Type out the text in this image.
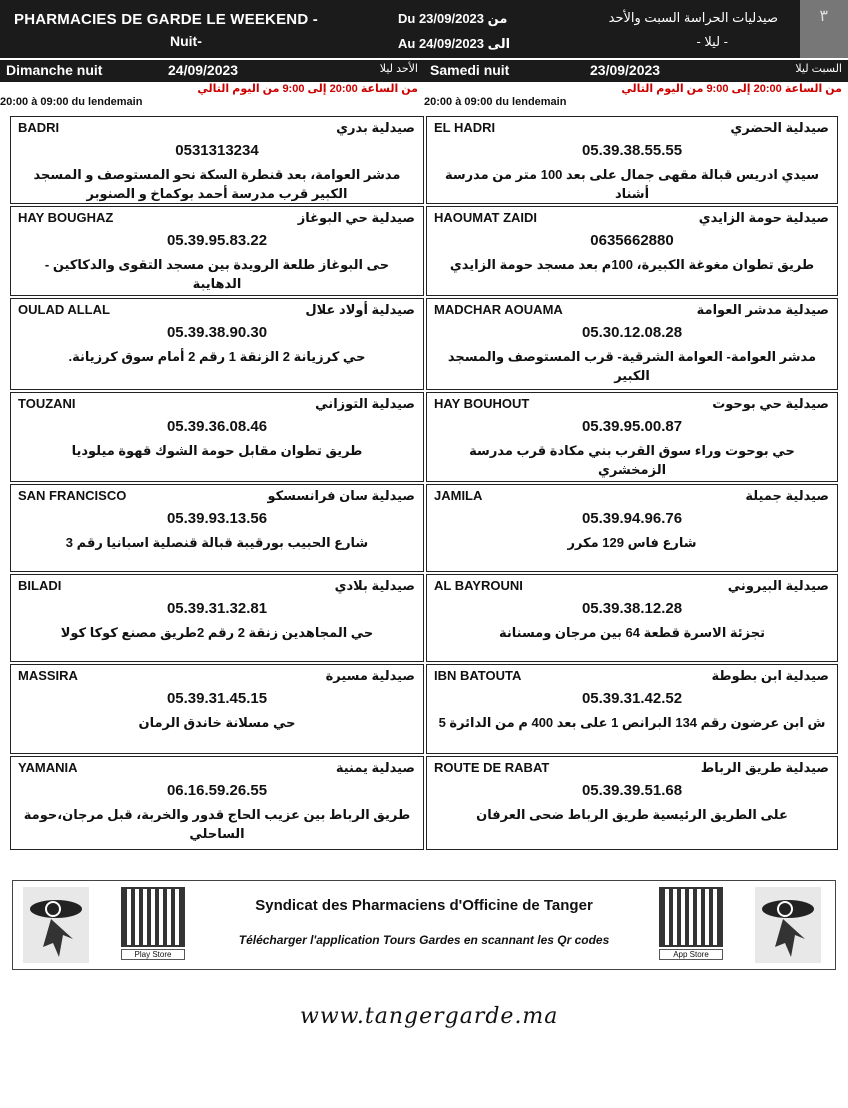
PHARMACIES DE GARDE LE WEEKEND -
Nuit-
Du 23/09/2023 من
Au 24/09/2023 الى
صيدليات الحراسة السبت والأحد
- ليلا -
٣
Dimanche nuit	24/09/2023	الأحد ليلا
من الساعة 20:00 إلى 9:00 من اليوم التالي
20:00 à 09:00 du lendemain
Samedi nuit	23/09/2023	السبت ليلا
من الساعة 20:00 إلى 9:00 من اليوم التالي
20:00 à 09:00 du lendemain
BADRI	صيدلية بدري
0531313234
مدشر العوامة، بعد قنطرة السكة نحو المستوصف و المسجد الكبير قرب مدرسة أحمد بوكماخ و الصنوبر
HAY BOUGHAZ	صيدلية حي البوغاز
05.39.95.83.22
حى البوغاز طلعة الرويدة بين مسجد التقوى والدكاكين - الدهايبة
OULAD ALLAL	صيدلية أولاد علال
05.39.38.90.30
حي كرزيانة 2 الزنقة 1 رقم 2 أمام سوق كرزيانة.
TOUZANI	صيدلية التوزاني
05.39.36.08.46
طريق تطوان مقابل حومة الشوك قهوة ميلوديا
SAN FRANCISCO	صيدلية سان فرانسسكو
05.39.93.13.56
شارع الحبيب بورقيبة قبالة قنصلية اسبانيا رقم 3
BILADI	صيدلية بلادي
05.39.31.32.81
حي المجاهدين زنقة 2 رقم 2طريق مصنع كوكا كولا
MASSIRA	صيدلية مسيرة
05.39.31.45.15
حي مسلانة خاندق الرمان
YAMANIA	صيدلية يمنية
06.16.59.26.55
طريق الرباط بين عزيب الحاج قدور والخربة، قبل مرجان،حومة الساحلي
EL HADRI	صيدلية الحضري
05.39.38.55.55
سيدي ادريس قبالة مقهى جمال على بعد 100 متر من مدرسة أشناد
HAOUMAT ZAIDI	صيدلية حومة الزايدي
0635662880
طريق تطوان مغوغة الكبيرة، 100م بعد مسجد حومة الزايدي
MADCHAR AOUAMA	صيدلية مدشر العوامة
05.30.12.08.28
مدشر العوامة- العوامة الشرقية- قرب المستوصف والمسجد الكبير
HAY BOUHOUT	صيدلية حي بوحوت
05.39.95.00.87
حي بوحوت وراء سوق القرب بني مكادة قرب مدرسة الزمخشري
JAMILA	صيدلية جميلة
05.39.94.96.76
شارع فاس 129 مكرر
AL BAYROUNI	صيدلية البيروني
05.39.38.12.28
تجزئة الاسرة قطعة 64 بين مرجان ومسنانة
IBN BATOUTA	صيدلية ابن بطوطة
05.39.31.42.52
ش ابن عرضون رقم 134 البرانص 1 على بعد 400 م من الدائرة 5
ROUTE DE RABAT	صيدلية طريق الرباط
05.39.39.51.68
على الطريق الرئيسية طريق الرباط ضحى العرفان
Play Store
Syndicat des Pharmaciens d'Officine de Tanger
Télécharger l'application Tours Gardes en scannant les Qr codes
App Store
www.tangergarde.ma
